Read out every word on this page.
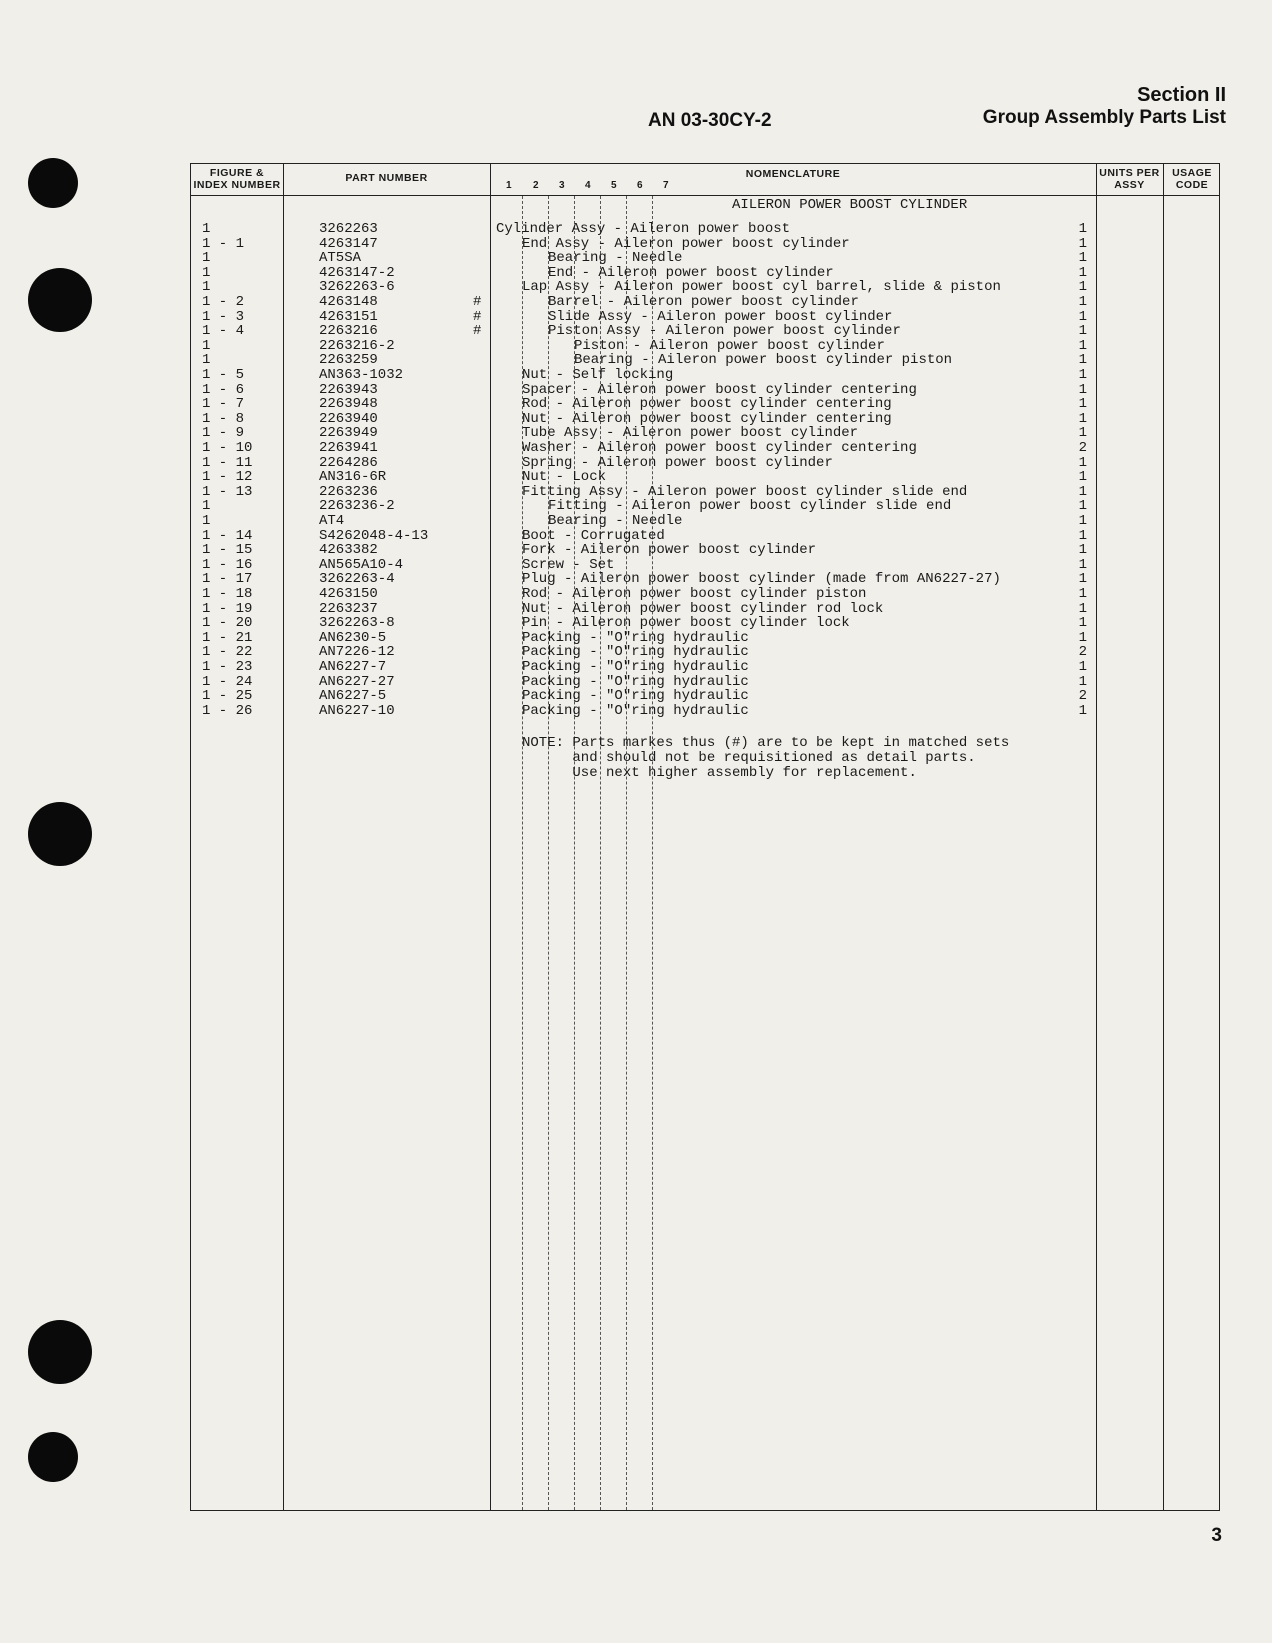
AN 03-30CY-2
Section II
Group Assembly Parts List
FIGURE & INDEX NUMBER
PART NUMBER	NOMENCLATURE	UNITS PER ASSY
USAGE CODE
1 2 3 4 5 6 7
AILERON POWER BOOST CYLINDER
1	3262263	Cylinder Assy - Aileron power boost	1
1 - 1	4263147	End Assy - Aileron power boost cylinder	1
1	AT5SA	Bearing - Needle	1
1	4263147-2	End - Aileron power boost cylinder	1
1	3262263-6	Lap Assy - Aileron power boost cyl barrel, slide & piston	1
1 - 2	4263148	#	Barrel - Aileron power boost cylinder	1
1 - 3	4263151	#	Slide Assy - Aileron power boost cylinder	1
1 - 4	2263216	#	Piston Assy - Aileron power boost cylinder	1
1	2263216-2	Piston - Aileron power boost cylinder	1
1	2263259	Bearing - Aileron power boost cylinder piston	1
1 - 5	AN363-1032	Nut - Self locking	1
1 - 6	2263943	Spacer - Aileron power boost cylinder centering	1
1 - 7	2263948	Rod - Aileron power boost cylinder centering	1
1 - 8	2263940	Nut - Aileron power boost cylinder centering	1
1 - 9	2263949	Tube Assy - Aileron power boost cylinder	1
1 - 10	2263941	Washer - Aileron power boost cylinder centering	2
1 - 11	2264286	Spring - Aileron power boost cylinder	1
1 - 12	AN316-6R	Nut - Lock	1
1 - 13	2263236	Fitting Assy - Aileron power boost cylinder slide end	1
1	2263236-2	Fitting - Aileron power boost cylinder slide end	1
1	AT4	Bearing - Needle	1
1 - 14	S4262048-4-13	Boot - Corrugated	1
1 - 15	4263382	Fork - Aileron power boost cylinder	1
1 - 16	AN565A10-4	Screw - Set	1
1 - 17	3262263-4	Plug - Aileron power boost cylinder (made from AN6227-27)	1
1 - 18	4263150	Rod - Aileron power boost cylinder piston	1
1 - 19	2263237	Nut - Aileron power boost cylinder rod lock	1
1 - 20	3262263-8	Pin - Aileron power boost cylinder lock	1
1 - 21	AN6230-5	Packing - "O"ring hydraulic	1
1 - 22	AN7226-12	Packing - "O"ring hydraulic	2
1 - 23	AN6227-7	Packing - "O"ring hydraulic	1
1 - 24	AN6227-27	Packing - "O"ring hydraulic	1
1 - 25	AN6227-5	Packing - "O"ring hydraulic	2
1 - 26	AN6227-10	Packing - "O"ring hydraulic	1
NOTE: Parts markes thus (#) are to be kept in matched sets
and should not be requisitioned as detail parts.
Use next higher assembly for replacement.
3
